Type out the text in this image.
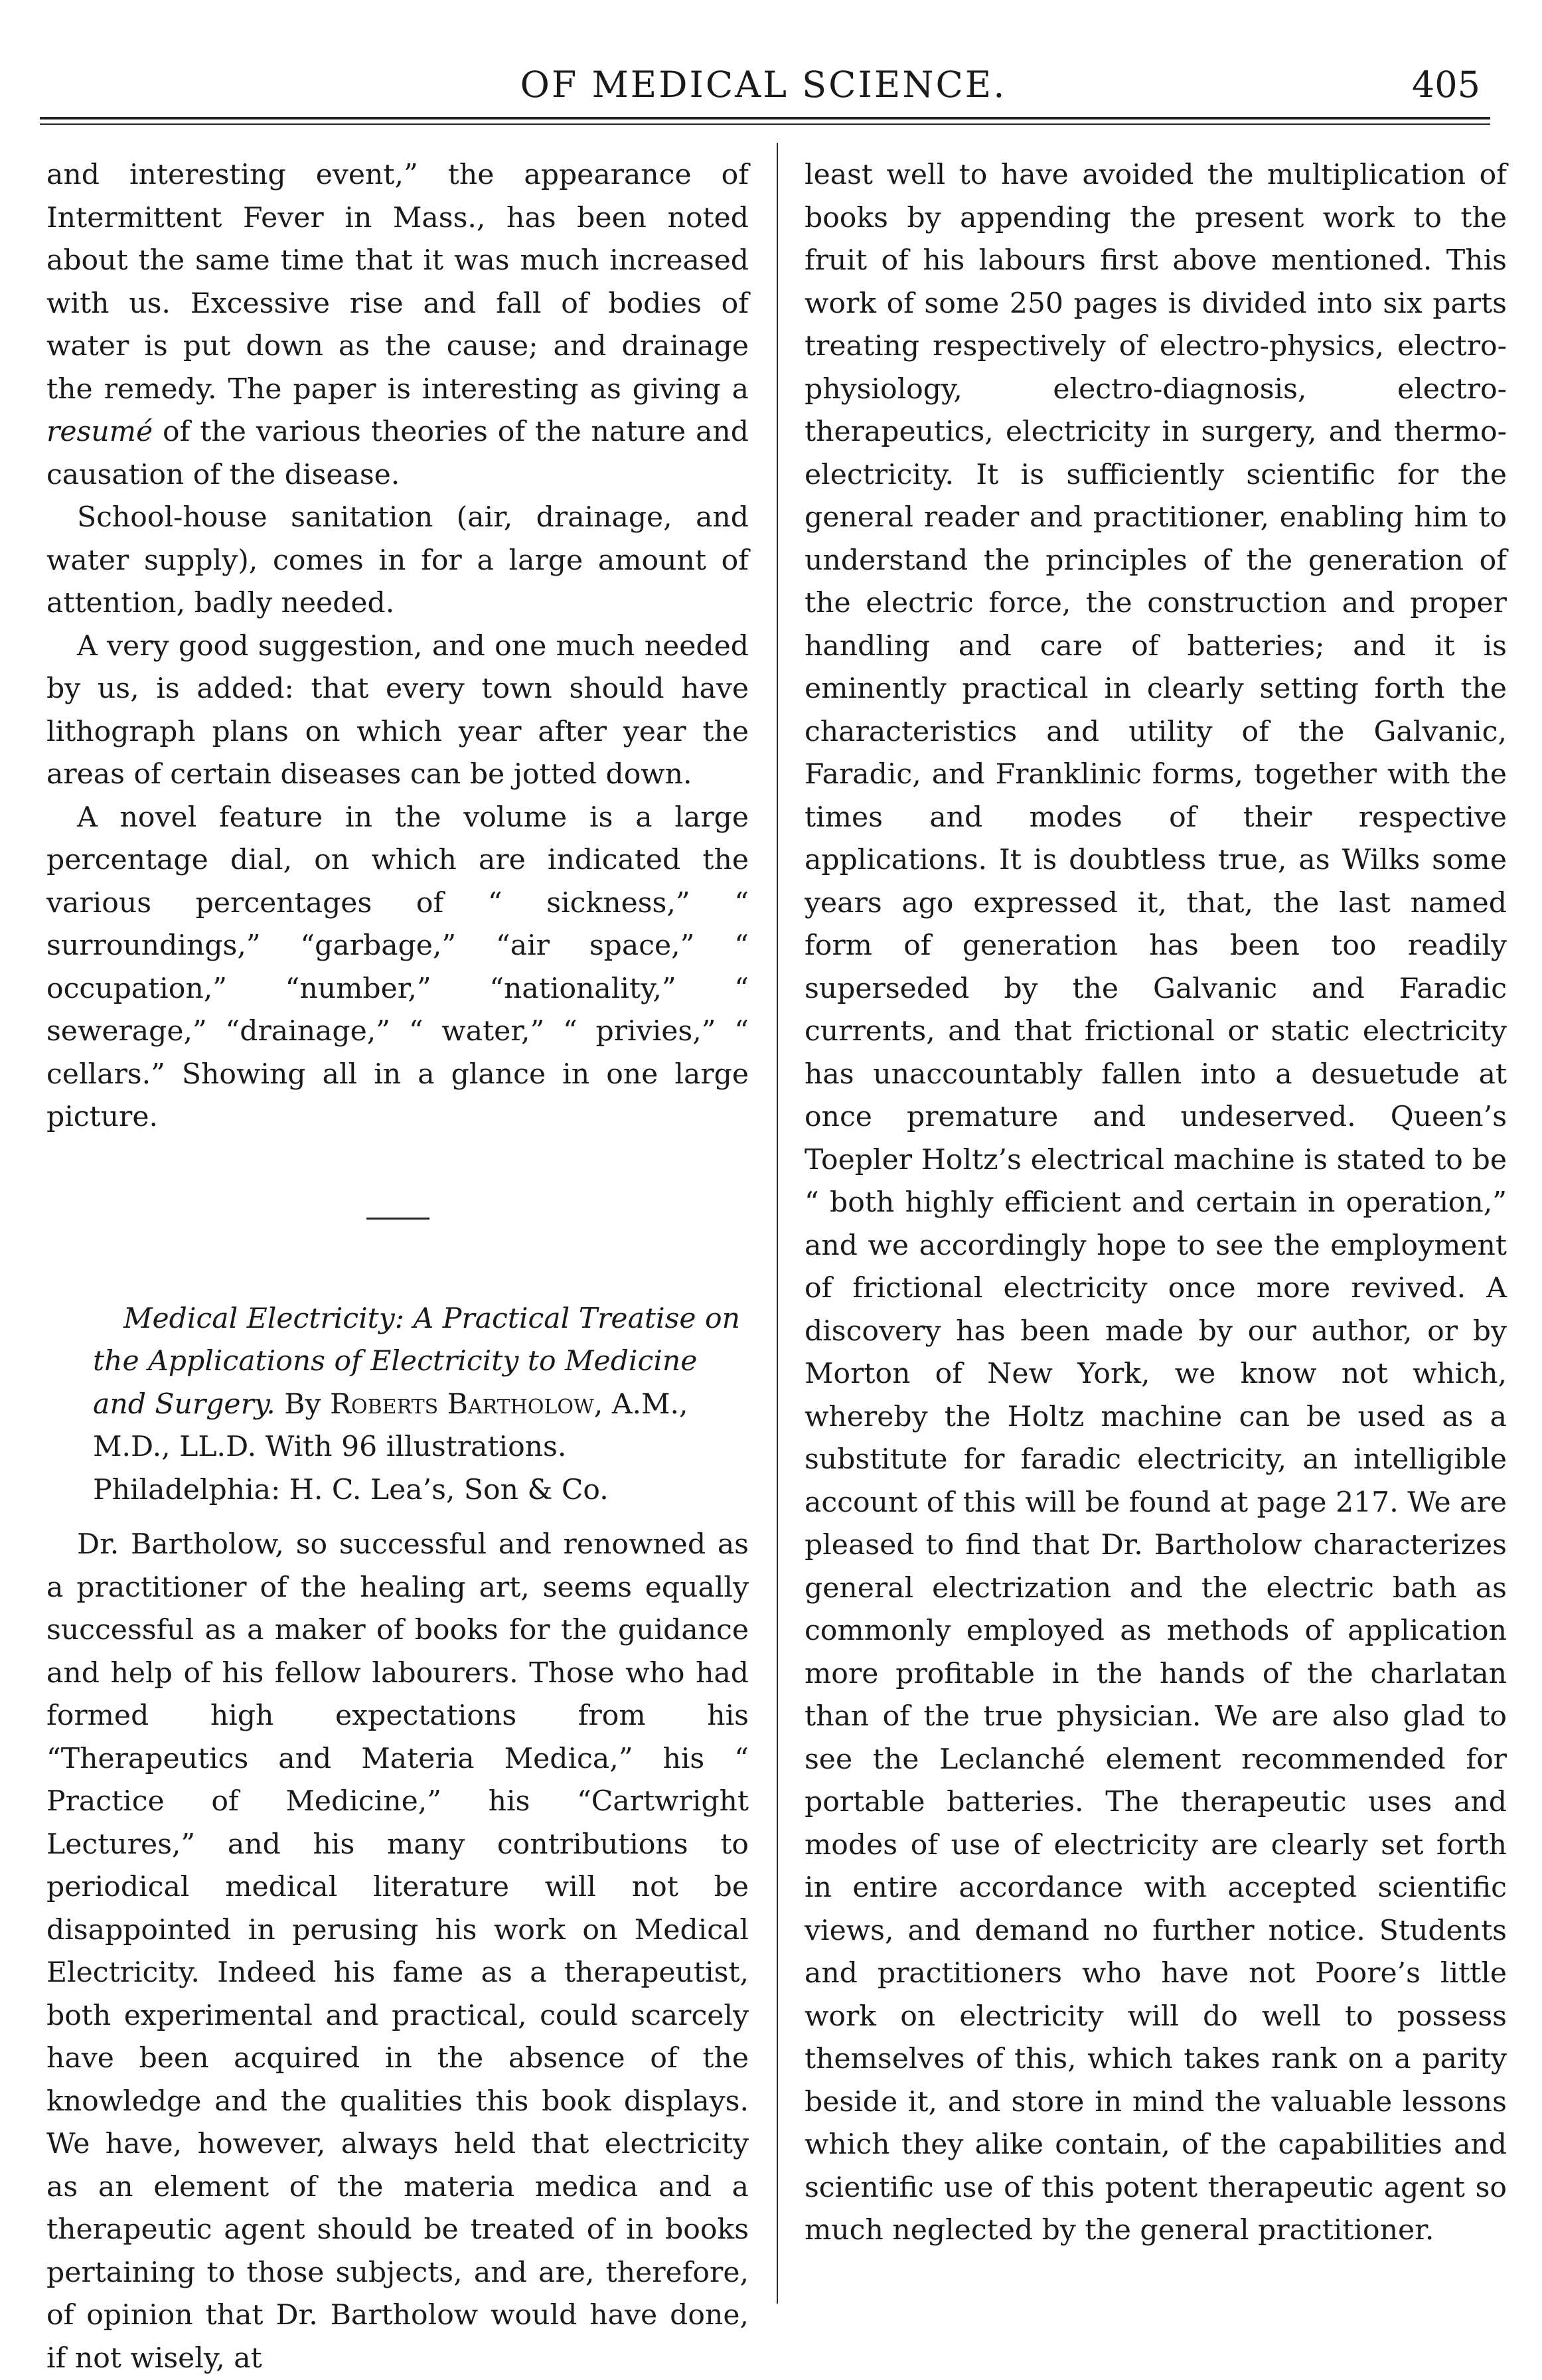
OF MEDICAL SCIENCE.	405

and interesting event,” the appearance of Intermittent Fever in Mass., has been noted about the same time that it was much increased with us. Excessive rise and fall of bodies of water is put down as the cause; and drainage the remedy. The paper is interesting as giving a resumé of the various theories of the nature and causation of the disease.

School-house sanitation (air, drainage, and water supply), comes in for a large amount of attention, badly needed.

A very good suggestion, and one much needed by us, is added: that every town should have lithograph plans on which year after year the areas of certain diseases can be jotted down.

A novel feature in the volume is a large percentage dial, on which are indicated the various percentages of “ sickness,” “ surroundings,” “garbage,” “air space,” “ occupation,” “number,” “nationality,” “ sewerage,” “drainage,” “ water,” “ privies,” “ cellars.” Showing all in a glance in one large picture.

Medical Electricity: A Practical Treatise on the Applications of Electricity to Medicine and Surgery. By Roberts Bartholow, A.M., M.D., LL.D. With 96 illustrations. Philadelphia: H. C. Lea’s, Son & Co.

Dr. Bartholow, so successful and renowned as a practitioner of the healing art, seems equally successful as a maker of books for the guidance and help of his fellow labourers. Those who had formed high expectations from his “Therapeutics and Materia Medica,” his “ Practice of Medicine,” his “Cartwright Lectures,” and his many contributions to periodical medical literature will not be disappointed in perusing his work on Medical Electricity. Indeed his fame as a therapeutist, both experimental and practical, could scarcely have been acquired in the absence of the knowledge and the qualities this book displays. We have, however, always held that electricity as an element of the materia medica and a therapeutic agent should be treated of in books pertaining to those subjects, and are, therefore, of opinion that Dr. Bartholow would have done, if not wisely, at

least well to have avoided the multiplication of books by appending the present work to the fruit of his labours first above mentioned. This work of some 250 pages is divided into six parts treating respectively of electro-physics, electro-physiology, electro-diagnosis, electro-therapeutics, electricity in surgery, and thermo-electricity. It is sufficiently scientific for the general reader and practitioner, enabling him to understand the principles of the generation of the electric force, the construction and proper handling and care of batteries; and it is eminently practical in clearly setting forth the characteristics and utility of the Galvanic, Faradic, and Franklinic forms, together with the times and modes of their respective applications. It is doubtless true, as Wilks some years ago expressed it, that, the last named form of generation has been too readily superseded by the Galvanic and Faradic currents, and that frictional or static electricity has unaccountably fallen into a desuetude at once premature and undeserved. Queen’s Toepler Holtz’s electrical machine is stated to be “ both highly efficient and certain in operation,” and we accordingly hope to see the employment of frictional electricity once more revived. A discovery has been made by our author, or by Morton of New York, we know not which, whereby the Holtz machine can be used as a substitute for faradic electricity, an intelligible account of this will be found at page 217. We are pleased to find that Dr. Bartholow characterizes general electrization and the electric bath as commonly employed as methods of application more profitable in the hands of the charlatan than of the true physician. We are also glad to see the Leclanché element recommended for portable batteries. The therapeutic uses and modes of use of electricity are clearly set forth in entire accordance with accepted scientific views, and demand no further notice. Students and practitioners who have not Poore’s little work on electricity will do well to possess themselves of this, which takes rank on a parity beside it, and store in mind the valuable lessons which they alike contain, of the capabilities and scientific use of this potent therapeutic agent so much neglected by the general practitioner.
